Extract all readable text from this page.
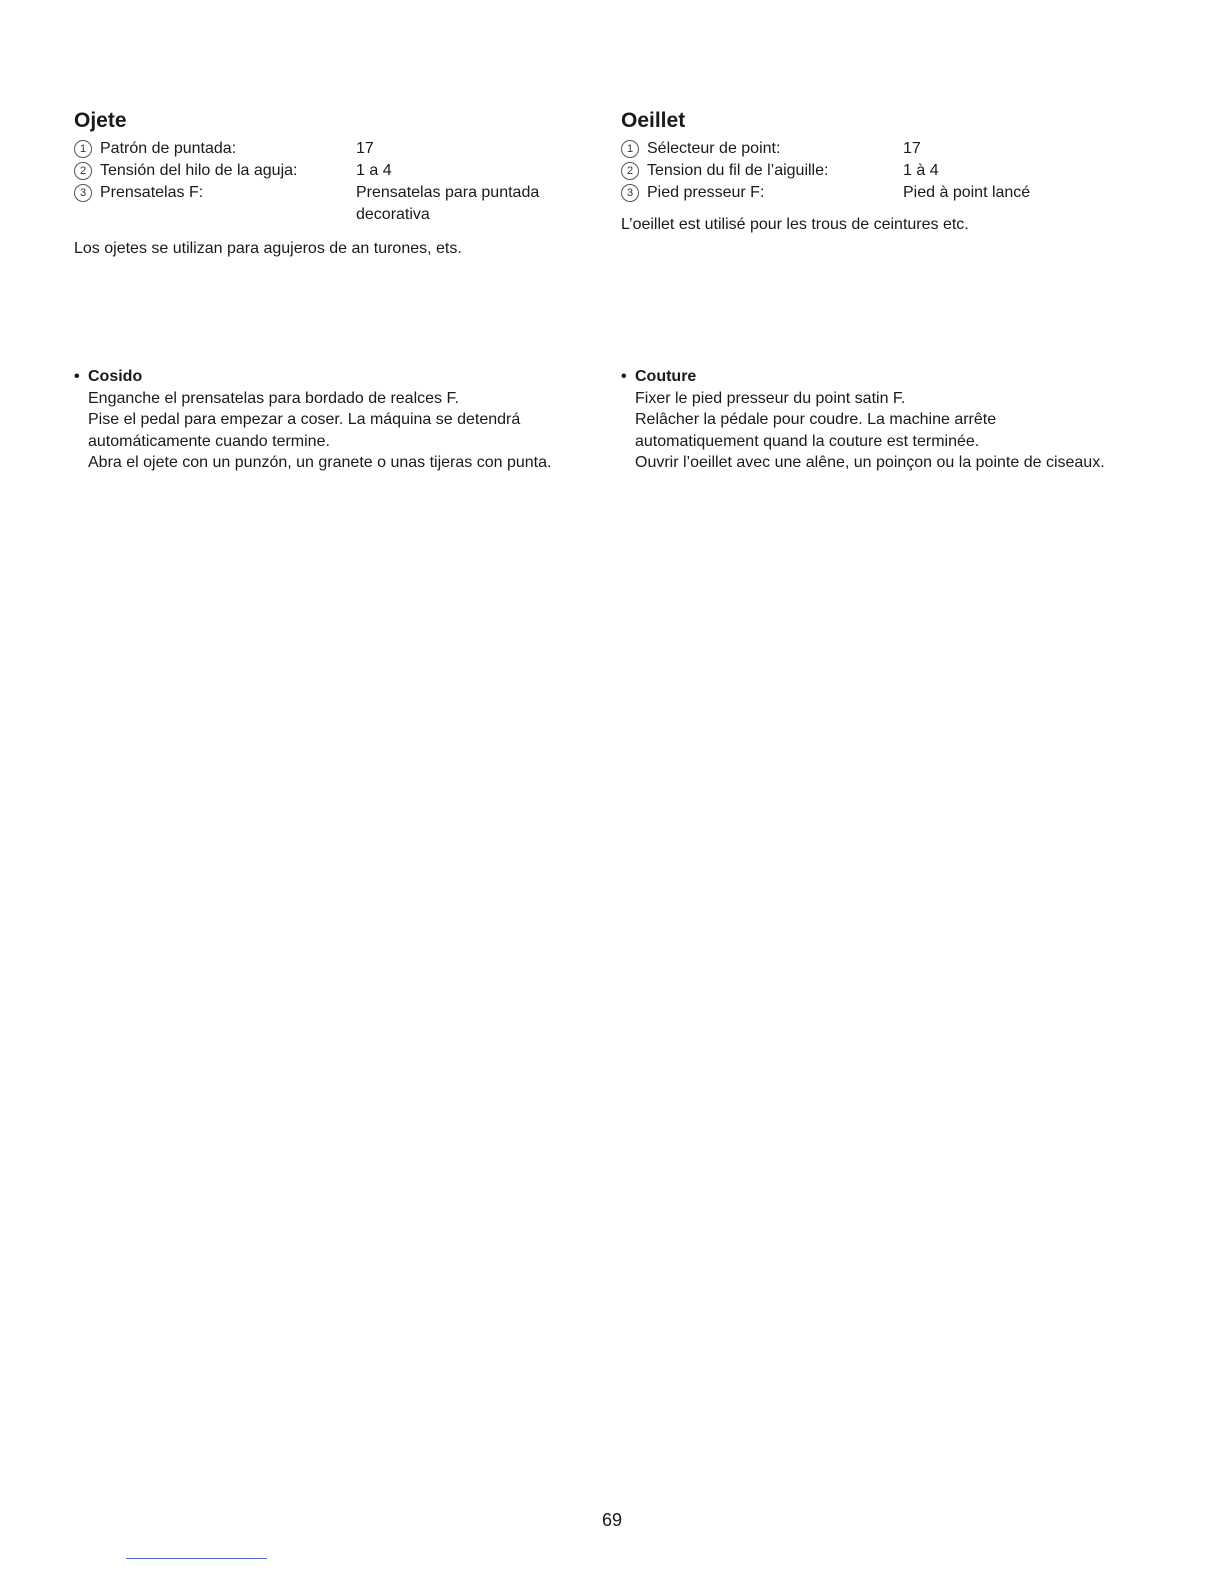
Ojete
1 Patrón de puntada:	17
2 Tensión del hilo de la aguja:	1 a 4
3 Prensatelas F:	Prensatelas para puntada decorativa

Los ojetes se utilizan para agujeros de an turones, ets.

Oeillet
1 Sélecteur de point:	17
2 Tension du fil de l’aiguille:	1 à 4
3 Pied presseur F:	Pied à point lancé

L’oeillet est utilisé pour les trous de ceintures etc.

• Cosido

Enganche el prensatelas para bordado de realces F.

Pise el pedal para empezar a coser. La máquina se detendrá automáticamente cuando termine.

Abra el ojete con un punzón, un granete o unas tijeras con punta.

• Couture

Fixer le pied presseur du point satin F.

Relâcher la pédale pour coudre. La machine arrête automatiquement quand la couture est terminée.

Ouvrir l’oeillet avec une alêne, un poinçon ou la pointe de ciseaux.

69
